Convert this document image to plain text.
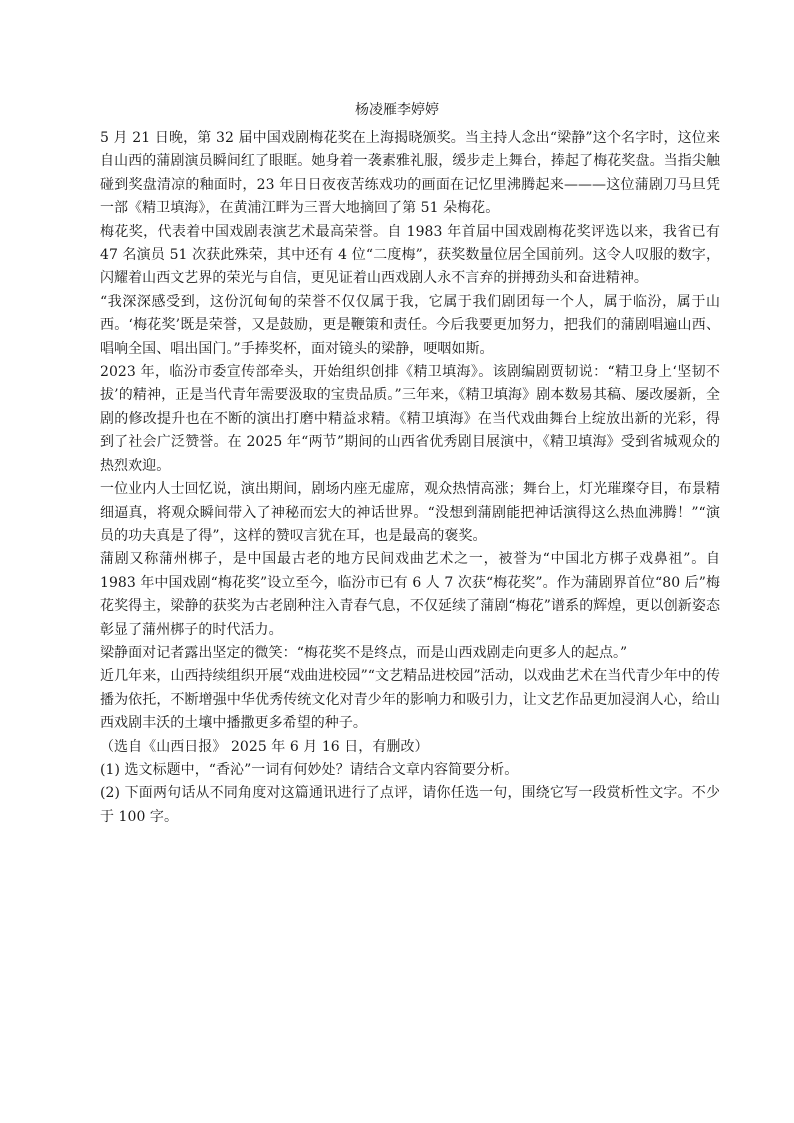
杨凌雁李婷婷

5 月 21 日晚，第 32 届中国戏剧梅花奖在上海揭晓颁奖。当主持人念出“梁静”这个名字时，这位来自山西的蒲剧演员瞬间红了眼眶。她身着一袭素雅礼服，缓步走上舞台，捧起了梅花奖盘。当指尖触碰到奖盘清凉的釉面时，23 年日日夜夜苦练戏功的画面在记忆里沸腾起来———这位蒲剧刀马旦凭一部《精卫填海》，在黄浦江畔为三晋大地摘回了第 51 朵梅花。

梅花奖，代表着中国戏剧表演艺术最高荣誉。自 1983 年首届中国戏剧梅花奖评选以来，我省已有 47 名演员 51 次获此殊荣，其中还有 4 位“二度梅”，获奖数量位居全国前列。这令人叹服的数字，闪耀着山西文艺界的荣光与自信，更见证着山西戏剧人永不言弃的拼搏劲头和奋进精神。

“我深深感受到，这份沉甸甸的荣誉不仅仅属于我，它属于我们剧团每一个人，属于临汾，属于山西。‘梅花奖’既是荣誉，又是鼓励，更是鞭策和责任。今后我要更加努力，把我们的蒲剧唱遍山西、唱响全国、唱出国门。”手捧奖杯，面对镜头的梁静，哽咽如斯。

2023 年，临汾市委宣传部牵头，开始组织创排《精卫填海》。该剧编剧贾韧说：“精卫身上‘坚韧不拔’的精神，正是当代青年需要汲取的宝贵品质。”三年来，《精卫填海》剧本数易其稿、屡改屡新，全剧的修改提升也在不断的演出打磨中精益求精。《精卫填海》在当代戏曲舞台上绽放出新的光彩，得到了社会广泛赞誉。在 2025 年“两节”期间的山西省优秀剧目展演中，《精卫填海》受到省城观众的热烈欢迎。

一位业内人士回忆说，演出期间，剧场内座无虚席，观众热情高涨；舞台上，灯光璀璨夺目，布景精细逼真，将观众瞬间带入了神秘而宏大的神话世界。“没想到蒲剧能把神话演得这么热血沸腾！”“演员的功夫真是了得”，这样的赞叹言犹在耳，也是最高的褒奖。

蒲剧又称蒲州梆子，是中国最古老的地方民间戏曲艺术之一，被誉为“中国北方梆子戏鼻祖”。自 1983 年中国戏剧“梅花奖”设立至今，临汾市已有 6 人 7 次获“梅花奖”。作为蒲剧界首位“80 后”梅花奖得主，梁静的获奖为古老剧种注入青春气息，不仅延续了蒲剧“梅花”谱系的辉煌，更以创新姿态彰显了蒲州梆子的时代活力。

梁静面对记者露出坚定的微笑：“梅花奖不是终点，而是山西戏剧走向更多人的起点。”

近几年来，山西持续组织开展“戏曲进校园”“文艺精品进校园”活动，以戏曲艺术在当代青少年中的传播为依托，不断增强中华优秀传统文化对青少年的影响力和吸引力，让文艺作品更加浸润人心，给山西戏剧丰沃的土壤中播撒更多希望的种子。

（选自《山西日报》 2025 年 6 月 16 日，有删改）

(1) 选文标题中，“香沁”一词有何妙处？请结合文章内容简要分析。

(2) 下面两句话从不同角度对这篇通讯进行了点评，请你任选一句，围绕它写一段赏析性文字。不少于 100 字。
